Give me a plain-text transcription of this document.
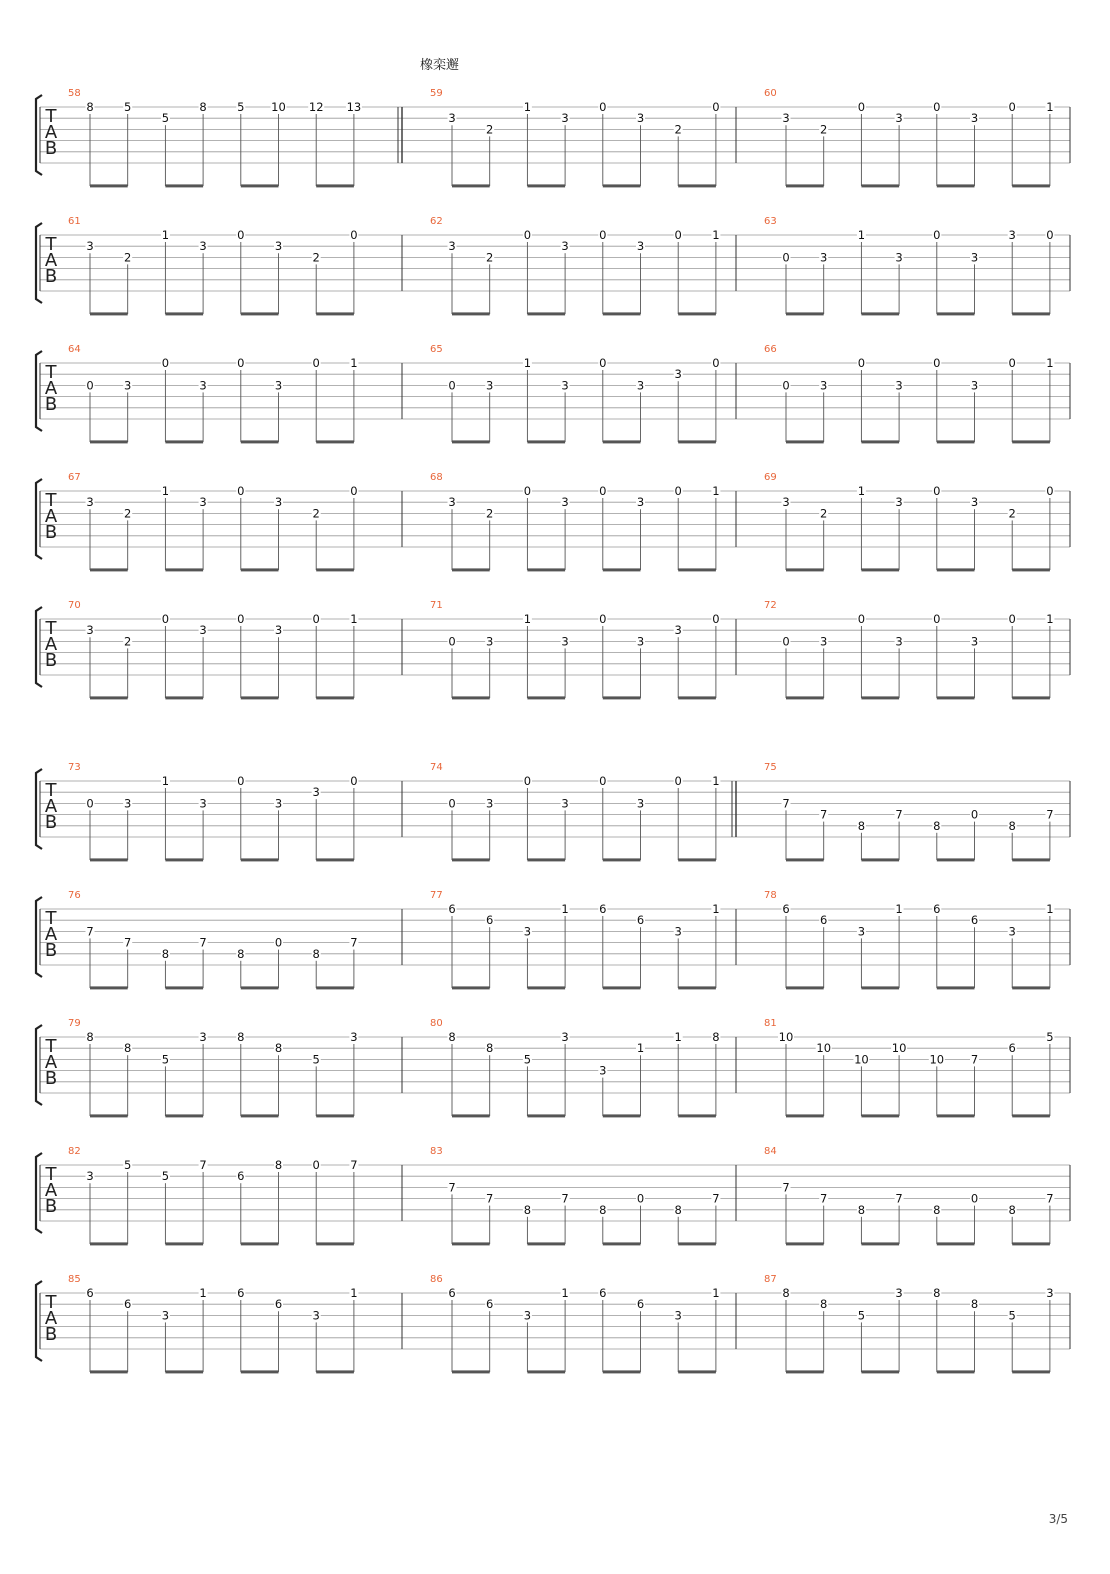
橡栾邂
T
A
B
58
8	5
5
8	5 10 12 13
59
3
2
1
3
0
3
2
0
60
3
2
0
3
0
3
0	1
T
A
B
61
3
2
1
3
0
3
2
0
62
3
2
0
3
0
3
0	1
63
0	3
1
3
0
3
3	0
T
A
B
64
0	3
0
3
0
3
0	1
65
0	3
1
3
0
3
3
0
66
0	3
0
3
0
3
0	1
T
A
B
67
3
2
1
3
0
3
2
0
68
3
2
0
3
0
3
0	1
69
3
2
1
3
0
3
2
0
T
A
B
70
3
2
0
3
0
3
0	1
71
0	3
1
3
0
3
3
0
72
0	3
0
3
0
3
0	1
T
A
B
73
0	3
1
3
0
3
3
0
74
0	3
0
3
0
3
0	1
75
7
7
8
7
8
0
8
7
T
A
B
76
7
7
8
7
8
0
8
7
77
6
6
3
1	6
6
3
1
78
6
6
3
1	6
6
3
1
T
A
B
79
8
8
5
3	8
8
5
3
80
8
8
5
3
3
1
1	8
81
10
10
10
10
10 7
6
5
T
A
B
82
3
5
5
7
6
8	0	7
83
7
7
8
7
8
0
8
7
84
7
7
8
7
8
0
8
7
T
A
B
85
6
6
3
1	6
6
3
1
86
6
6
3
1	6
6
3
1
87
8
8
5
3	8
8
5
3
3/5
